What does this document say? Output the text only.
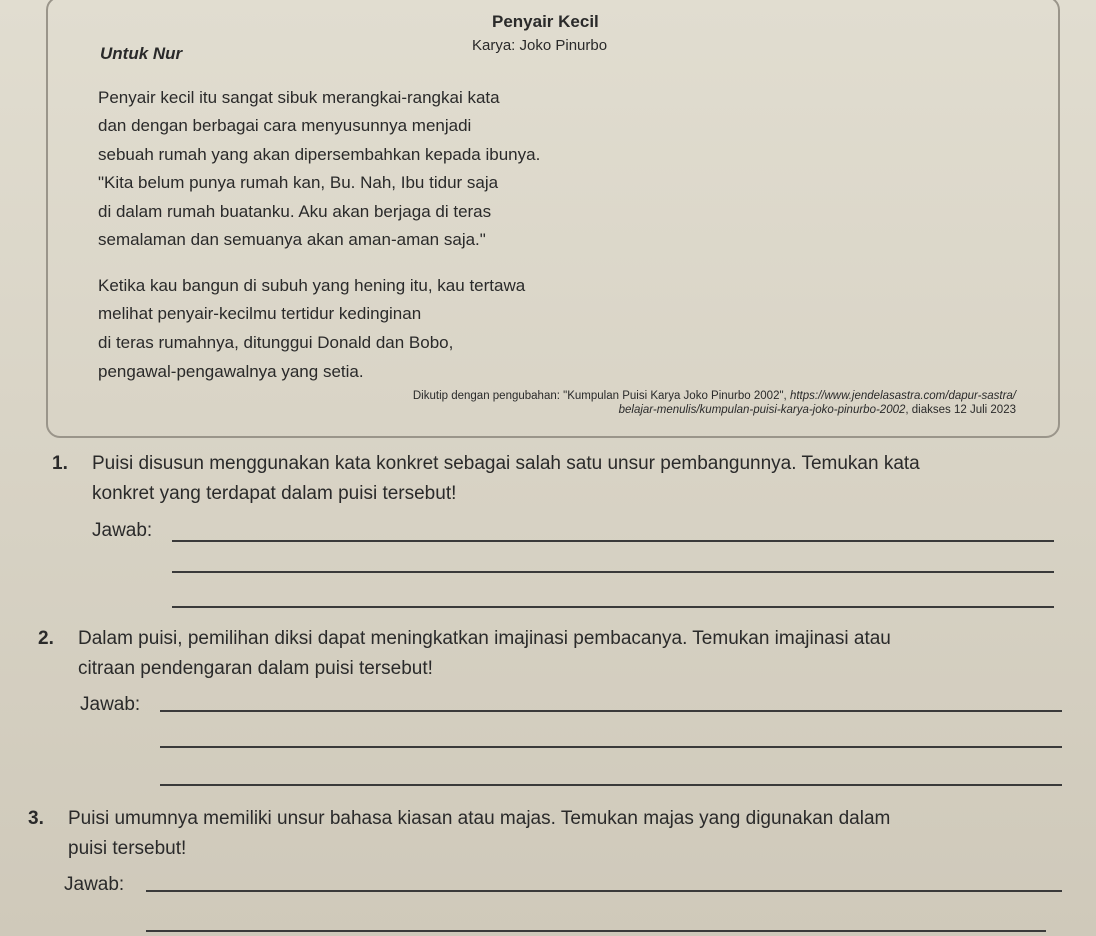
Penyair Kecil
Untuk Nur	Karya: Joko Pinurbo
Penyair kecil itu sangat sibuk merangkai-rangkai kata
dan dengan berbagai cara menyusunnya menjadi
sebuah rumah yang akan dipersembahkan kepada ibunya.
"Kita belum punya rumah kan, Bu. Nah, Ibu tidur saja
di dalam rumah buatanku. Aku akan berjaga di teras
semalaman dan semuanya akan aman-aman saja."
Ketika kau bangun di subuh yang hening itu, kau tertawa
melihat penyair-kecilmu tertidur kedinginan
di teras rumahnya, ditunggui Donald dan Bobo,
pengawal-pengawalnya yang setia.
Dikutip dengan pengubahan: "Kumpulan Puisi Karya Joko Pinurbo 2002", https://www.jendelasastra.com/dapur-sastra/
belajar-menulis/kumpulan-puisi-karya-joko-pinurbo-2002, diakses 12 Juli 2023
1. Puisi disusun menggunakan kata konkret sebagai salah satu unsur pembangunnya. Temukan kata
konkret yang terdapat dalam puisi tersebut!
Jawab:
2. Dalam puisi, pemilihan diksi dapat meningkatkan imajinasi pembacanya. Temukan imajinasi atau
citraan pendengaran dalam puisi tersebut!
Jawab:
3. Puisi umumnya memiliki unsur bahasa kiasan atau majas. Temukan majas yang digunakan dalam
puisi tersebut!
Jawab:
